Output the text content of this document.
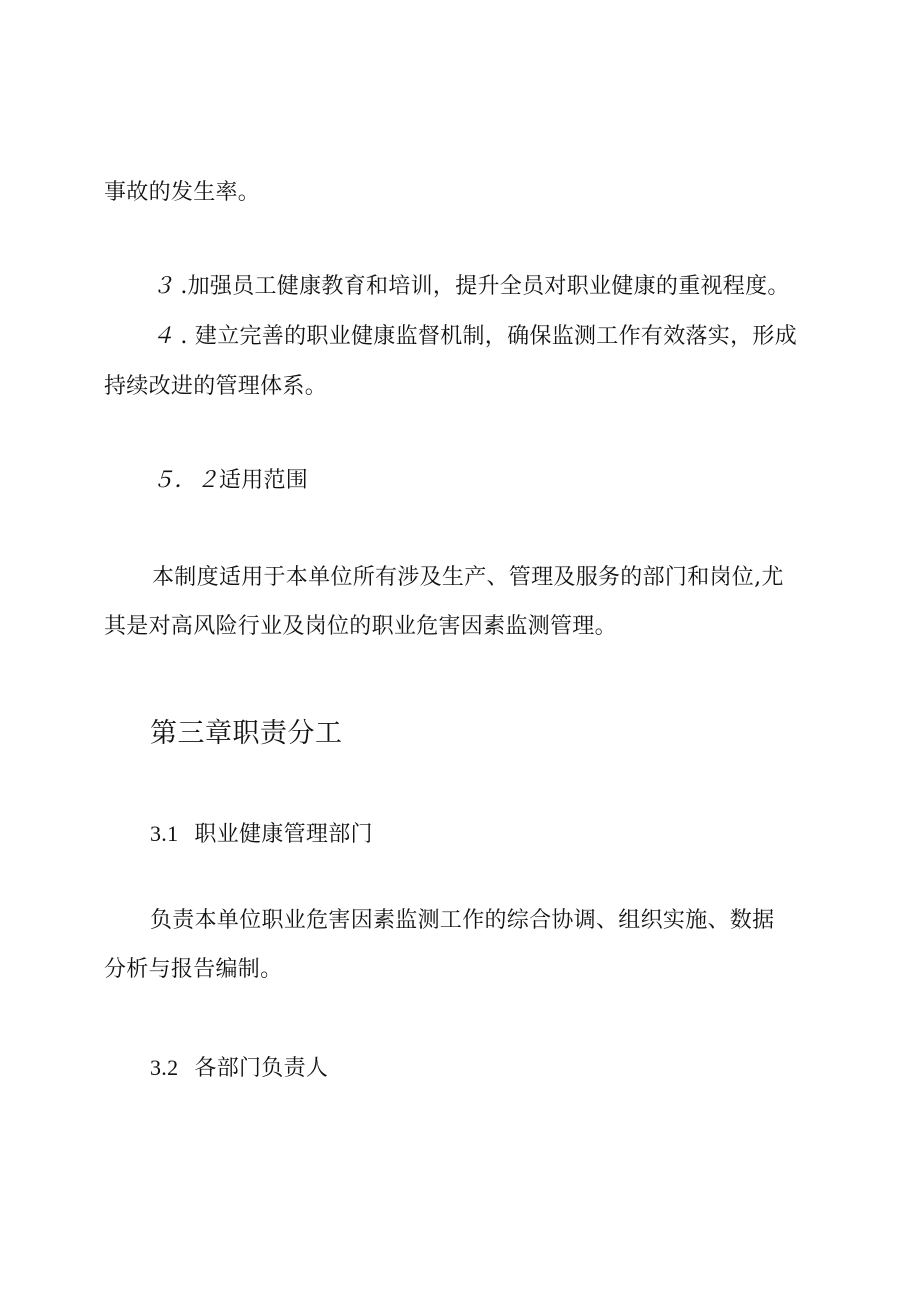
事故的发生率。
３ .加强员工健康教育和培训，提升全员对职业健康的重视程度。
４ . 建立完善的职业健康监督机制，确保监测工作有效落实，形成
持续改进的管理体系。
５．２适用范围
本制度适用于本单位所有涉及生产、管理及服务的部门和岗位,尤
其是对高风险行业及岗位的职业危害因素监测管理。
第三章职责分工
3.1 职业健康管理部门
负责本单位职业危害因素监测工作的综合协调、组织实施、数据
分析与报告编制。
3.2 各部门负责人
